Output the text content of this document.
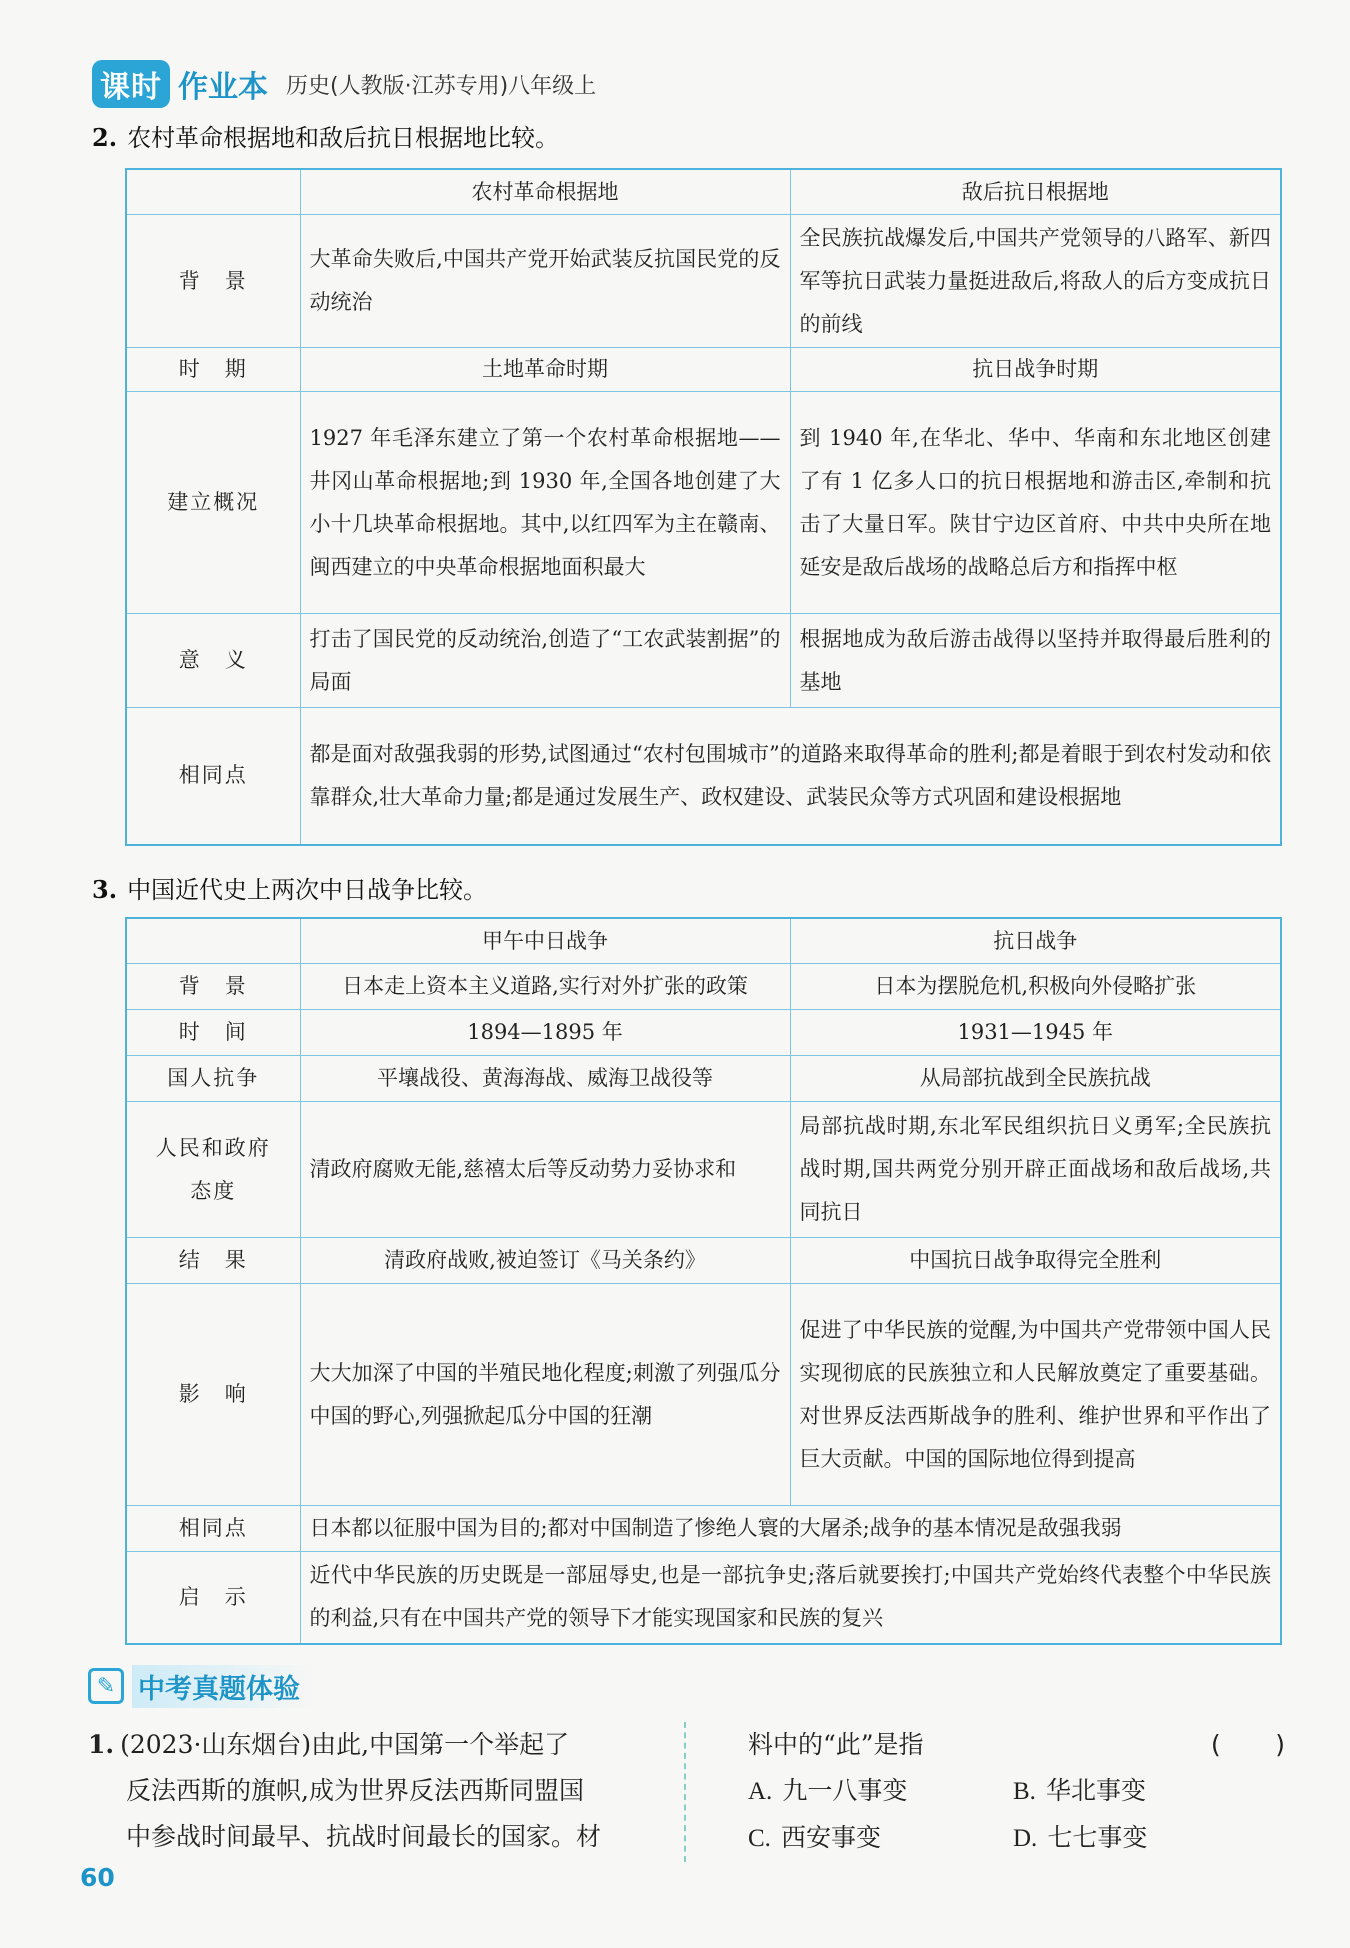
课时 作业本 历史(人教版·江苏专用)八年级上
2. 农村革命根据地和敌后抗日根据地比较。
	农村革命根据地	敌后抗日根据地
背　景	大革命失败后,中国共产党开始武装反抗国民党的反动统治	全民族抗战爆发后,中国共产党领导的八路军、新四军等抗日武装力量挺进敌后,将敌人的后方变成抗日的前线
时　期	土地革命时期	抗日战争时期
建立概况	1927 年毛泽东建立了第一个农村革命根据地——井冈山革命根据地;到 1930 年,全国各地创建了大小十几块革命根据地。其中,以红四军为主在赣南、闽西建立的中央革命根据地面积最大	到 1940 年,在华北、华中、华南和东北地区创建了有 1 亿多人口的抗日根据地和游击区,牵制和抗击了大量日军。陕甘宁边区首府、中共中央所在地延安是敌后战场的战略总后方和指挥中枢
意　义	打击了国民党的反动统治,创造了“工农武装割据”的局面	根据地成为敌后游击战得以坚持并取得最后胜利的基地
相同点	都是面对敌强我弱的形势,试图通过“农村包围城市”的道路来取得革命的胜利;都是着眼于到农村发动和依靠群众,壮大革命力量;都是通过发展生产、政权建设、武装民众等方式巩固和建设根据地	
3. 中国近代史上两次中日战争比较。
	甲午中日战争	抗日战争
背　景	日本走上资本主义道路,实行对外扩张的政策	日本为摆脱危机,积极向外侵略扩张
时　间	1894—1895 年	1931—1945 年
国人抗争	平壤战役、黄海海战、威海卫战役等	从局部抗战到全民族抗战
人民和政府
态度	清政府腐败无能,慈禧太后等反动势力妥协求和	局部抗战时期,东北军民组织抗日义勇军;全民族抗战时期,国共两党分别开辟正面战场和敌后战场,共同抗日
结　果	清政府战败,被迫签订《马关条约》	中国抗日战争取得完全胜利
影　响	大大加深了中国的半殖民地化程度;刺激了列强瓜分中国的野心,列强掀起瓜分中国的狂潮	促进了中华民族的觉醒,为中国共产党带领中国人民实现彻底的民族独立和人民解放奠定了重要基础。对世界反法西斯战争的胜利、维护世界和平作出了巨大贡献。中国的国际地位得到提高
相同点	日本都以征服中国为目的;都对中国制造了惨绝人寰的大屠杀;战争的基本情况是敌强我弱	
启　示	近代中华民族的历史既是一部屈辱史,也是一部抗争史;落后就要挨打;中国共产党始终代表整个中华民族的利益,只有在中国共产党的领导下才能实现国家和民族的复兴	
✎ 中考真题体验
1. (2023·山东烟台)由此,中国第一个举起了
反法西斯的旗帜,成为世界反法西斯同盟国
中参战时间最早、抗战时间最长的国家。材
料中的“此”是指	(　　)
A. 九一八事变	B. 华北事变
C. 西安事变	D. 七七事变
60
